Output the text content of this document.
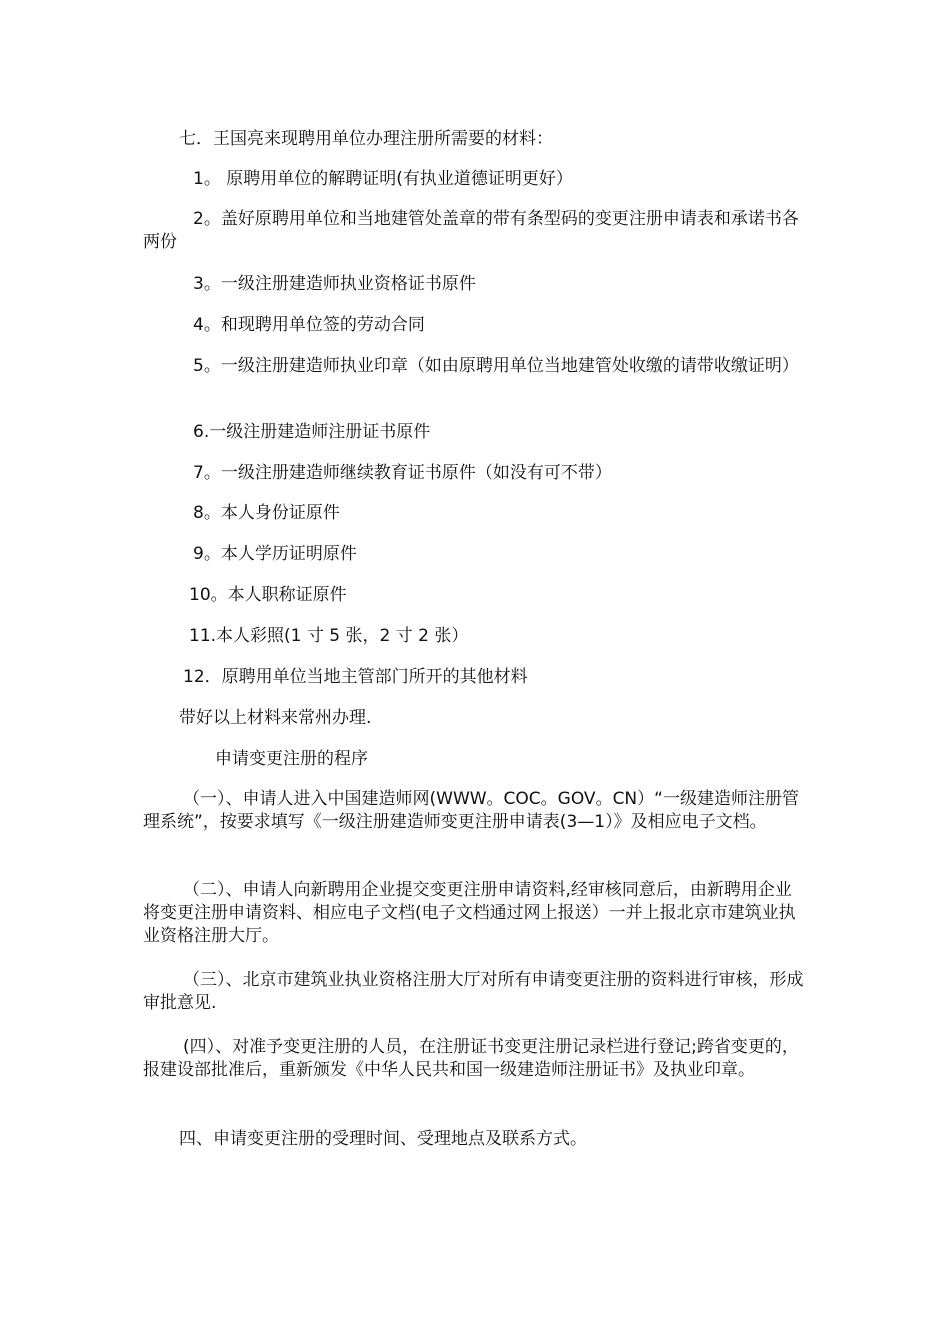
七．王国亮来现聘用单位办理注册所需要的材料：

1。 原聘用单位的解聘证明(有执业道德证明更好）

2。盖好原聘用单位和当地建管处盖章的带有条型码的变更注册申请表和承诺书各两份

3。一级注册建造师执业资格证书原件

4。和现聘用单位签的劳动合同

5。一级注册建造师执业印章（如由原聘用单位当地建管处收缴的请带收缴证明）

6.一级注册建造师注册证书原件

7。一级注册建造师继续教育证书原件（如没有可不带）

8。本人身份证原件

9。本人学历证明原件

10。本人职称证原件

11.本人彩照(1 寸 5 张，2 寸 2 张）

12．原聘用单位当地主管部门所开的其他材料

带好以上材料来常州办理.

申请变更注册的程序

（一）、申请人进入中国建造师网(WWW。COC。GOV。CN）“一级建造师注册管理系统”，按要求填写《一级注册建造师变更注册申请表(3—1）》及相应电子文档。

（二）、申请人向新聘用企业提交变更注册申请资料,经审核同意后，由新聘用企业将变更注册申请资料、相应电子文档(电子文档通过网上报送）一并上报北京市建筑业执业资格注册大厅。

（三）、北京市建筑业执业资格注册大厅对所有申请变更注册的资料进行审核，形成审批意见.

(四）、对准予变更注册的人员，在注册证书变更注册记录栏进行登记;跨省变更的，报建设部批准后，重新颁发《中华人民共和国一级建造师注册证书》及执业印章。

四、申请变更注册的受理时间、受理地点及联系方式。
